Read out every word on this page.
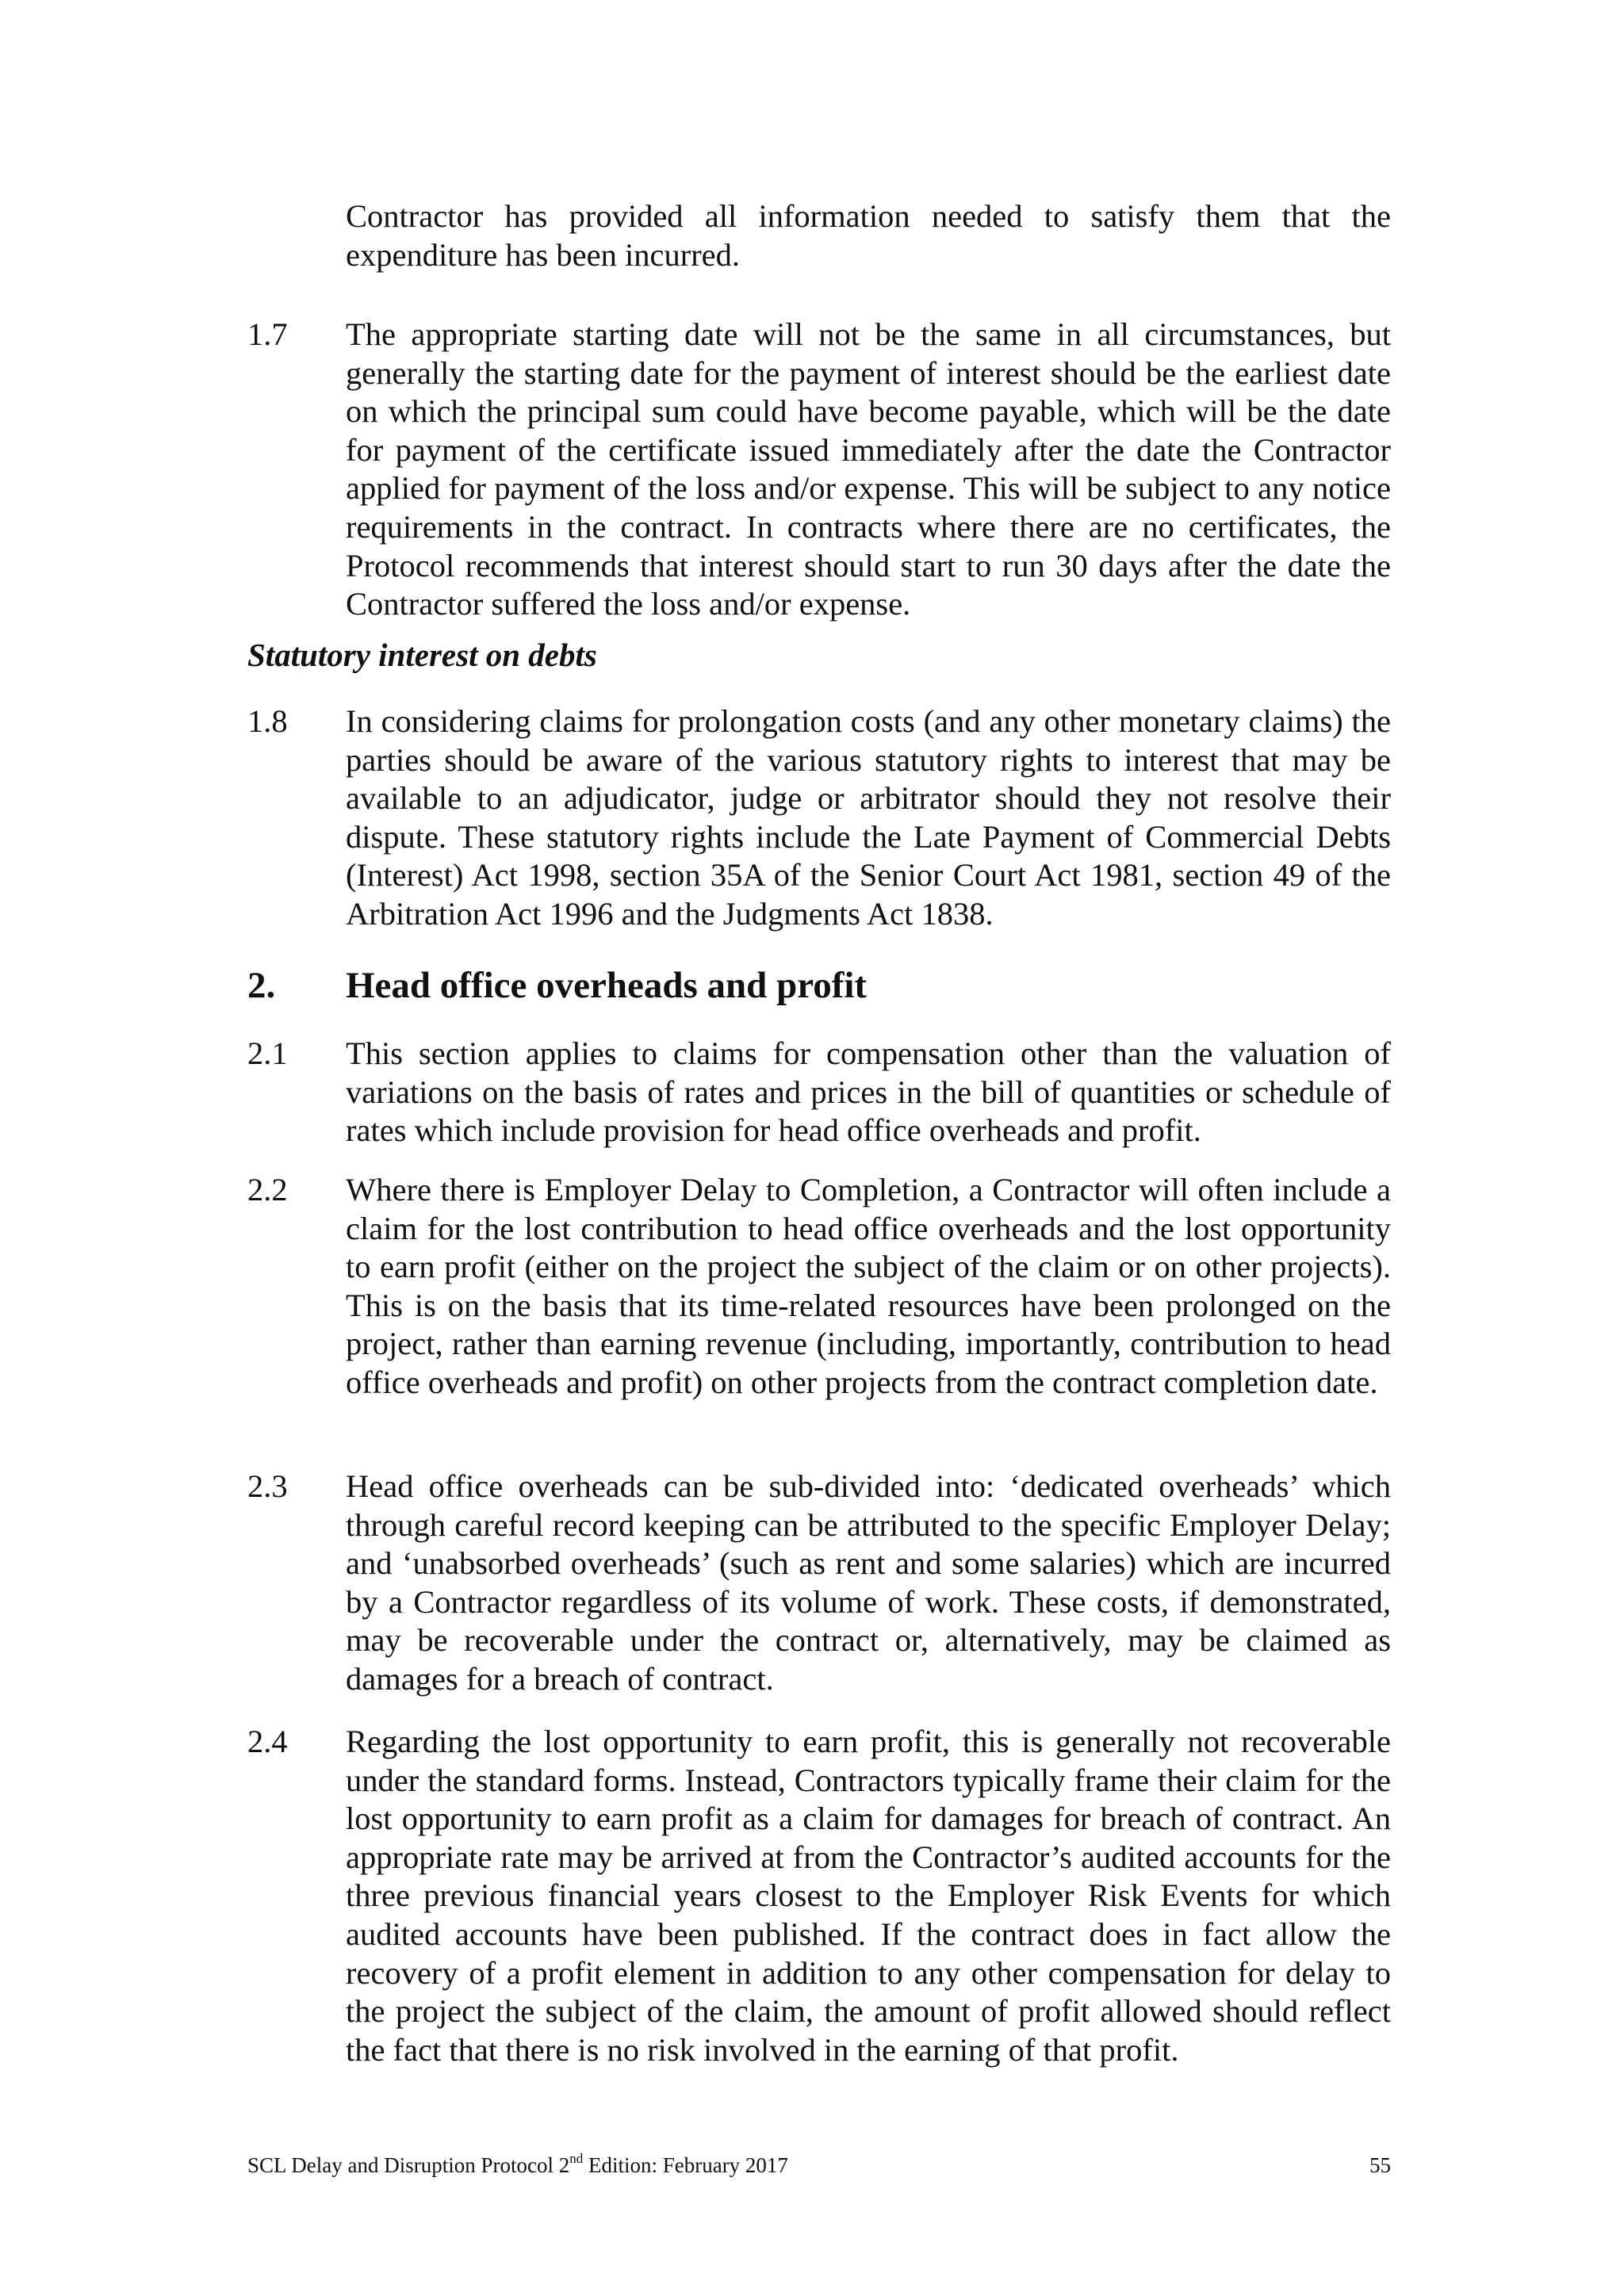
Contractor has provided all information needed to satisfy them that the expenditure has been incurred.
1.7 The appropriate starting date will not be the same in all circumstances, but generally the starting date for the payment of interest should be the earliest date on which the principal sum could have become payable, which will be the date for payment of the certificate issued immediately after the date the Contractor applied for payment of the loss and/or expense. This will be subject to any notice requirements in the contract. In contracts where there are no certificates, the Protocol recommends that interest should start to run 30 days after the date the Contractor suffered the loss and/or expense.
Statutory interest on debts
1.8 In considering claims for prolongation costs (and any other monetary claims) the parties should be aware of the various statutory rights to interest that may be available to an adjudicator, judge or arbitrator should they not resolve their dispute. These statutory rights include the Late Payment of Commercial Debts (Interest) Act 1998, section 35A of the Senior Court Act 1981, section 49 of the Arbitration Act 1996 and the Judgments Act 1838.
2. Head office overheads and profit
2.1 This section applies to claims for compensation other than the valuation of variations on the basis of rates and prices in the bill of quantities or schedule of rates which include provision for head office overheads and profit.
2.2 Where there is Employer Delay to Completion, a Contractor will often include a claim for the lost contribution to head office overheads and the lost opportunity to earn profit (either on the project the subject of the claim or on other projects). This is on the basis that its time-related resources have been prolonged on the project, rather than earning revenue (including, importantly, contribution to head office overheads and profit) on other projects from the contract completion date.
2.3 Head office overheads can be sub-divided into: ‘dedicated overheads’ which through careful record keeping can be attributed to the specific Employer Delay; and ‘unabsorbed overheads’ (such as rent and some salaries) which are incurred by a Contractor regardless of its volume of work. These costs, if demonstrated, may be recoverable under the contract or, alternatively, may be claimed as damages for a breach of contract.
2.4 Regarding the lost opportunity to earn profit, this is generally not recoverable under the standard forms. Instead, Contractors typically frame their claim for the lost opportunity to earn profit as a claim for damages for breach of contract. An appropriate rate may be arrived at from the Contractor’s audited accounts for the three previous financial years closest to the Employer Risk Events for which audited accounts have been published. If the contract does in fact allow the recovery of a profit element in addition to any other compensation for delay to the project the subject of the claim, the amount of profit allowed should reflect the fact that there is no risk involved in the earning of that profit.
SCL Delay and Disruption Protocol 2nd Edition: February 2017	55
